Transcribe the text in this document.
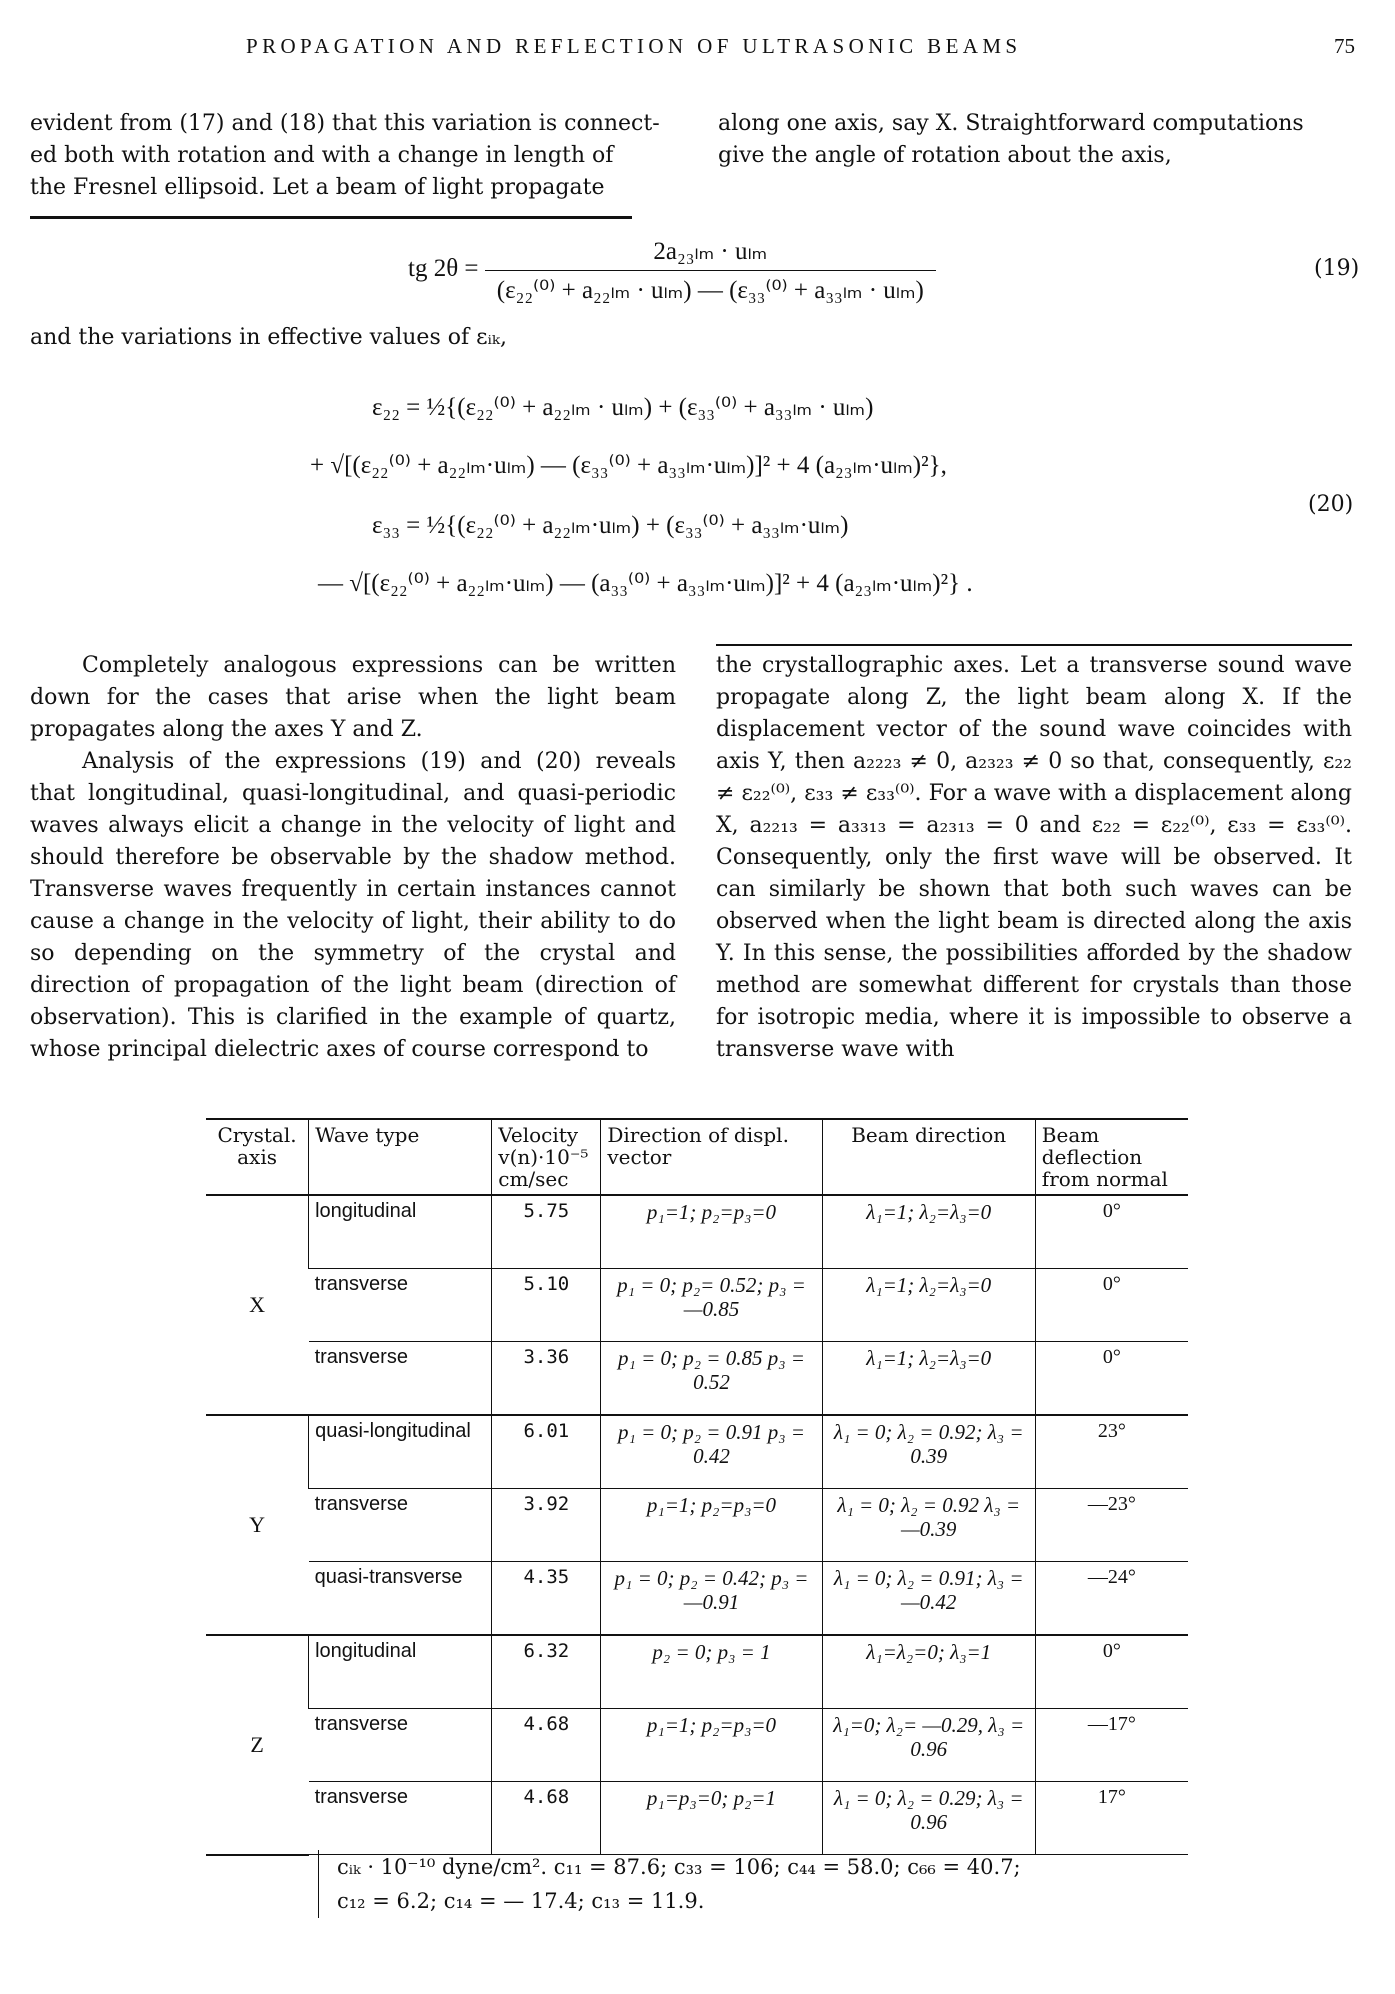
PROPAGATION AND REFLECTION OF ULTRASONIC BEAMS	75

evident from (17) and (18) that this variation is connect-

ed both with rotation and with a change in length of

the Fresnel ellipsoid. Let a beam of light propagate

along one axis, say X. Straightforward computations

give the angle of rotation about the axis,

tg $2\theta = \frac{\text{2a₂₃ₗₘ · uₗₘ}}{\text{(ε₂₂⁽⁰⁾ + a₂₂ₗₘ · uₗₘ) — (ε₃₃⁽⁰⁾ + a₃₃ₗₘ · uₗₘ)}}$	(19)
and the variations in effective values of εᵢₖ,
ε₂₂ = ½{(ε₂₂⁽⁰⁾ + a₂₂ₗₘ · uₗₘ) + (ε₃₃⁽⁰⁾ + a₃₃ₗₘ · uₗₘ)
+ √[(ε₂₂⁽⁰⁾ + a₂₂ₗₘ·uₗₘ) — (ε₃₃⁽⁰⁾ + a₃₃ₗₘ·uₗₘ)]² + 4 (a₂₃ₗₘ·uₗₘ)²},
ε₃₃ = ½{(ε₂₂⁽⁰⁾ + a₂₂ₗₘ·uₗₘ) + (ε₃₃⁽⁰⁾ + a₃₃ₗₘ·uₗₘ)
— √[(ε₂₂⁽⁰⁾ + a₂₂ₗₘ·uₗₘ) — (a₃₃⁽⁰⁾ + a₃₃ₗₘ·uₗₘ)]² + 4 (a₂₃ₗₘ·uₗₘ)²} .
(20)

Completely analogous expressions can be written down for the cases that arise when the light beam propagates along the axes Y and Z.

Analysis of the expressions (19) and (20) reveals that longitudinal, quasi-longitudinal, and quasi-periodic waves always elicit a change in the velocity of light and should therefore be observable by the shadow method. Transverse waves frequently in certain instances cannot cause a change in the velocity of light, their ability to do so depending on the symmetry of the crystal and direction of propagation of the light beam (direction of observation). This is clarified in the example of quartz, whose principal dielectric axes of course correspond to

the crystallographic axes. Let a transverse sound wave propagate along Z, the light beam along X. If the displacement vector of the sound wave coincides with axis Y, then a₂₂₂₃ ≠ 0, a₂₃₂₃ ≠ 0 so that, consequently, ε₂₂ ≠ ε₂₂⁽⁰⁾, ε₃₃ ≠ ε₃₃⁽⁰⁾. For a wave with a displacement along X, a₂₂₁₃ = a₃₃₁₃ = a₂₃₁₃ = 0 and ε₂₂ = ε₂₂⁽⁰⁾, ε₃₃ = ε₃₃⁽⁰⁾. Consequently, only the first wave will be observed. It can similarly be shown that both such waves can be observed when the light beam is directed along the axis Y. In this sense, the possibilities afforded by the shadow method are somewhat different for crystals than those for isotropic media, where it is impossible to observe a transverse wave with

Crystal. axis	Wave type	Velocity v(n)·10⁻⁵ cm/sec	Direction of displ. vector	Beam direction	Beam deflection from normal
X	longitudinal	5.75	p₁=1; p₂=p₃=0	λ₁=1; λ₂=λ₃=0	0°
	transverse	5.10	p₁ = 0; p₂= 0.52; p₃ = —0.85	λ₁=1; λ₂=λ₃=0	0°
	transverse	3.36	p₁ = 0; p₂ = 0.85 p₃ = 0.52	λ₁=1; λ₂=λ₃=0	0°
Y	quasi-longitudinal	6.01	p₁ = 0; p₂ = 0.91 p₃ = 0.42	λ₁ = 0; λ₂ = 0.92; λ₃ = 0.39	23°
	transverse	3.92	p₁=1; p₂=p₃=0	λ₁ = 0; λ₂ = 0.92 λ₃ = —0.39	—23°
	quasi-transverse	4.35	p₁ = 0; p₂ = 0.42; p₃ = —0.91	λ₁ = 0; λ₂ = 0.91; λ₃ = —0.42	—24°
Z	longitudinal	6.32	p₂ = 0; p₃ = 1	λ₁=λ₂=0; λ₃=1	0°
	transverse	4.68	p₁=1; p₂=p₃=0	λ₁=0; λ₂= —0.29, λ₃ = 0.96	—17°
	transverse	4.68	p₁=p₃=0; p₂=1	λ₁ = 0; λ₂ = 0.29; λ₃ = 0.96	17°
cᵢₖ · 10⁻¹⁰ dyne/cm². c₁₁ = 87.6; c₃₃ = 106; c₄₄ = 58.0; c₆₆ = 40.7;
c₁₂ = 6.2; c₁₄ = — 17.4; c₁₃ = 11.9.
